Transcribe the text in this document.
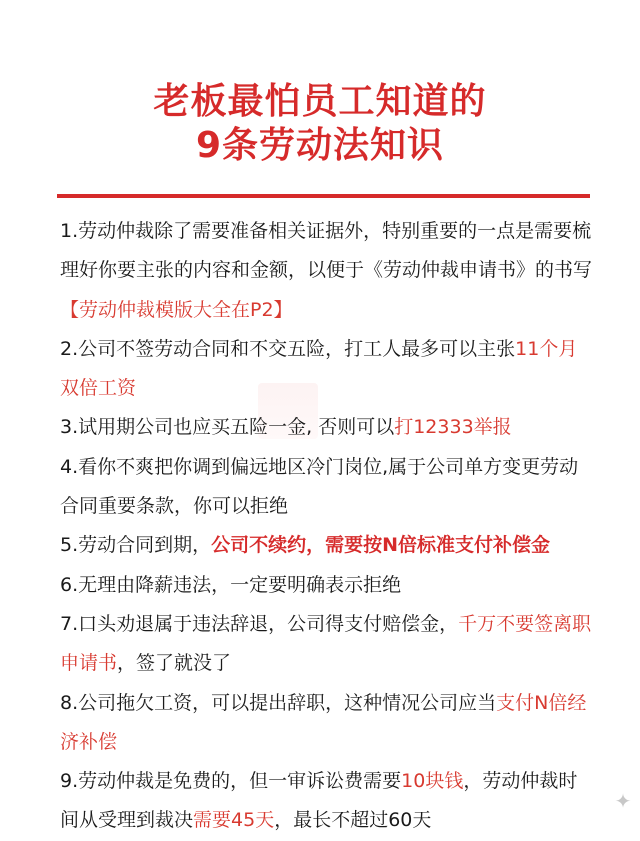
老板最怕员工知道的
9条劳动法知识

1.劳动仲裁除了需要准备相关证据外，特别重要的一点是需要梳理好你要主张的内容和金额，以便于《劳动仲裁申请书》的书写【劳动仲裁模版大全在P2】

2.公司不签劳动合同和不交五险，打工人最多可以主张11个月双倍工资

3.试用期公司也应买五险一金, 否则可以打12333举报

4.看你不爽把你调到偏远地区冷门岗位,属于公司单方变更劳动合同重要条款，你可以拒绝

5.劳动合同到期，公司不续约，需要按N倍标准支付补偿金

6.无理由降薪违法，一定要明确表示拒绝

7.口头劝退属于违法辞退，公司得支付赔偿金，千万不要签离职申请书，签了就没了

8.公司拖欠工资，可以提出辞职，这种情况公司应当支付N倍经济补偿

9.劳动仲裁是免费的，但一审诉讼费需要10块钱，劳动仲裁时间从受理到裁决需要45天，最长不超过60天

✦
